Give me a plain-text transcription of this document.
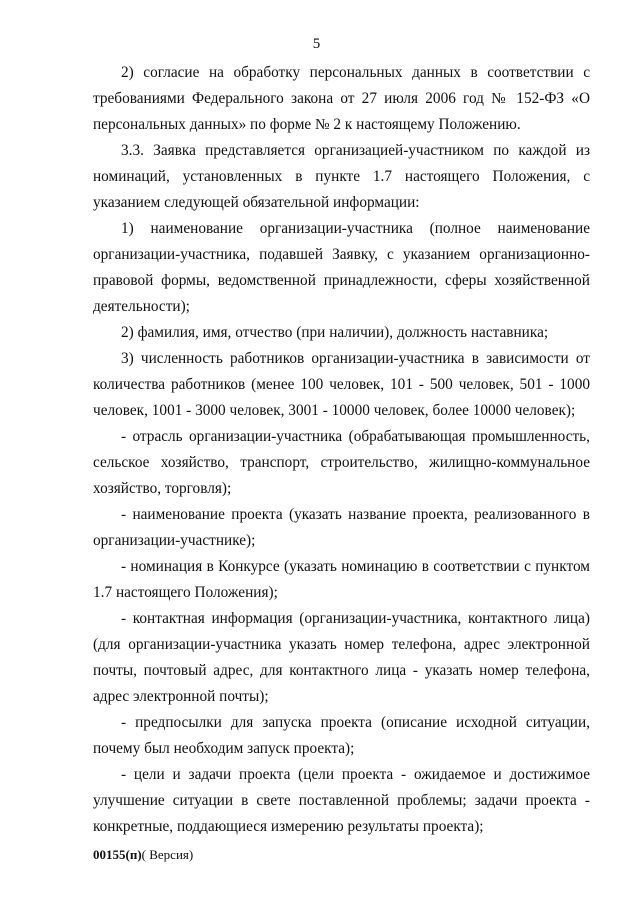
5

2) согласие на обработку персональных данных в соответствии с требованиями Федерального закона от 27 июля 2006 год № 152-ФЗ «О персональных данных» по форме № 2 к настоящему Положению.

3.3. Заявка представляется организацией-участником по каждой из номинаций, установленных в пункте 1.7 настоящего Положения, с указанием следующей обязательной информации:

1) наименование организации-участника (полное наименование организации-участника, подавшей Заявку, с указанием организационно-правовой формы, ведомственной принадлежности, сферы хозяйственной деятельности);

2) фамилия, имя, отчество (при наличии), должность наставника;

3) численность работников организации-участника в зависимости от количества работников (менее 100 человек, 101 - 500 человек, 501 - 1000 человек, 1001 - 3000 человек, 3001 - 10000 человек, более 10000 человек);

- отрасль организации-участника (обрабатывающая промышленность, сельское хозяйство, транспорт, строительство, жилищно-коммунальное хозяйство, торговля);

- наименование проекта (указать название проекта, реализованного в организации-участнике);

- номинация в Конкурсе (указать номинацию в соответствии с пунктом 1.7 настоящего Положения);

- контактная информация (организации-участника, контактного лица) (для организации-участника указать номер телефона, адрес электронной почты, почтовый адрес, для контактного лица - указать номер телефона, адрес электронной почты);

- предпосылки для запуска проекта (описание исходной ситуации, почему был необходим запуск проекта);

- цели и задачи проекта (цели проекта - ожидаемое и достижимое улучшение ситуации в свете поставленной проблемы; задачи проекта - конкретные, поддающиеся измерению результаты проекта);

00155(п)( Версия)
